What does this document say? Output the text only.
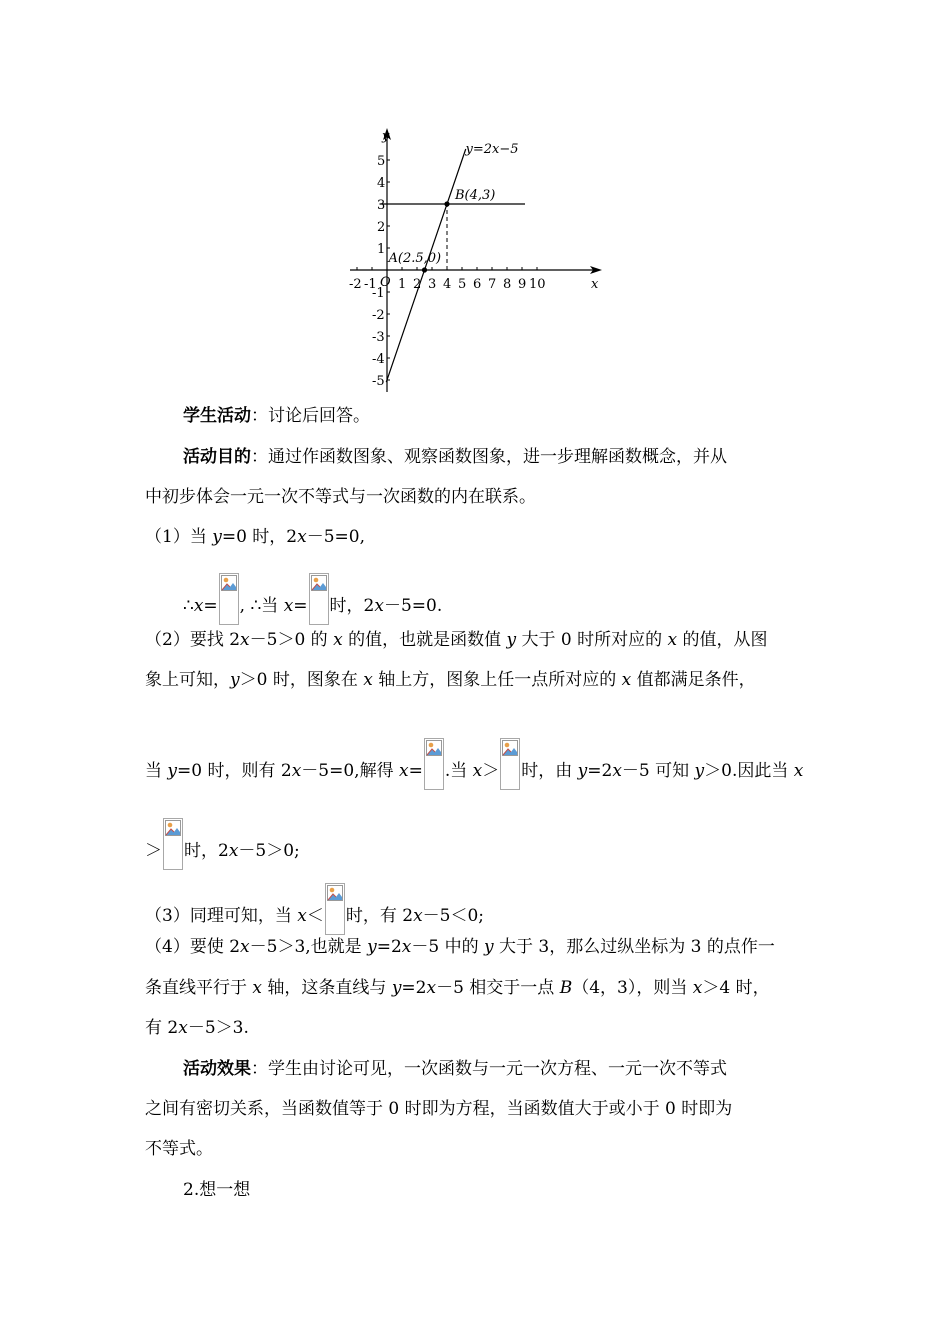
x
y
O
-2 -1 1 2 3 4 5 6 7 8 9 10
5
4
3
2
1
-1
-2
-3
-4
-5
A(2.5,0)
B(4,3)
y=2x−5
学生活动：讨论后回答。
活动目的：通过作函数图象、观察函数图象，进一步理解函数概念，并从
中初步体会一元一次不等式与一次函数的内在联系。
（1）当 y=0 时，2x－5=0,
∴x= , ∴当 x= 时，2x－5=0.
（2）要找 2x－5＞0 的 x 的值，也就是函数值 y 大于 0 时所对应的 x 的值，从图
象上可知，y＞0 时，图象在 x 轴上方，图象上任一点所对应的 x 值都满足条件，
当 y=0 时，则有 2x－5=0,解得 x= .当 x＞ 时，由 y=2x－5 可知 y＞0.因此当 x
＞ 时，2x－5＞0;
（3）同理可知，当 x＜ 时，有 2x－5＜0;
（4）要使 2x－5＞3,也就是 y=2x－5 中的 y 大于 3，那么过纵坐标为 3 的点作一
条直线平行于 x 轴，这条直线与 y=2x－5 相交于一点 B（4，3），则当 x＞4 时，
有 2x－5＞3.
活动效果：学生由讨论可见，一次函数与一元一次方程、一元一次不等式
之间有密切关系，当函数值等于 0 时即为方程，当函数值大于或小于 0 时即为
不等式。
2.想一想
